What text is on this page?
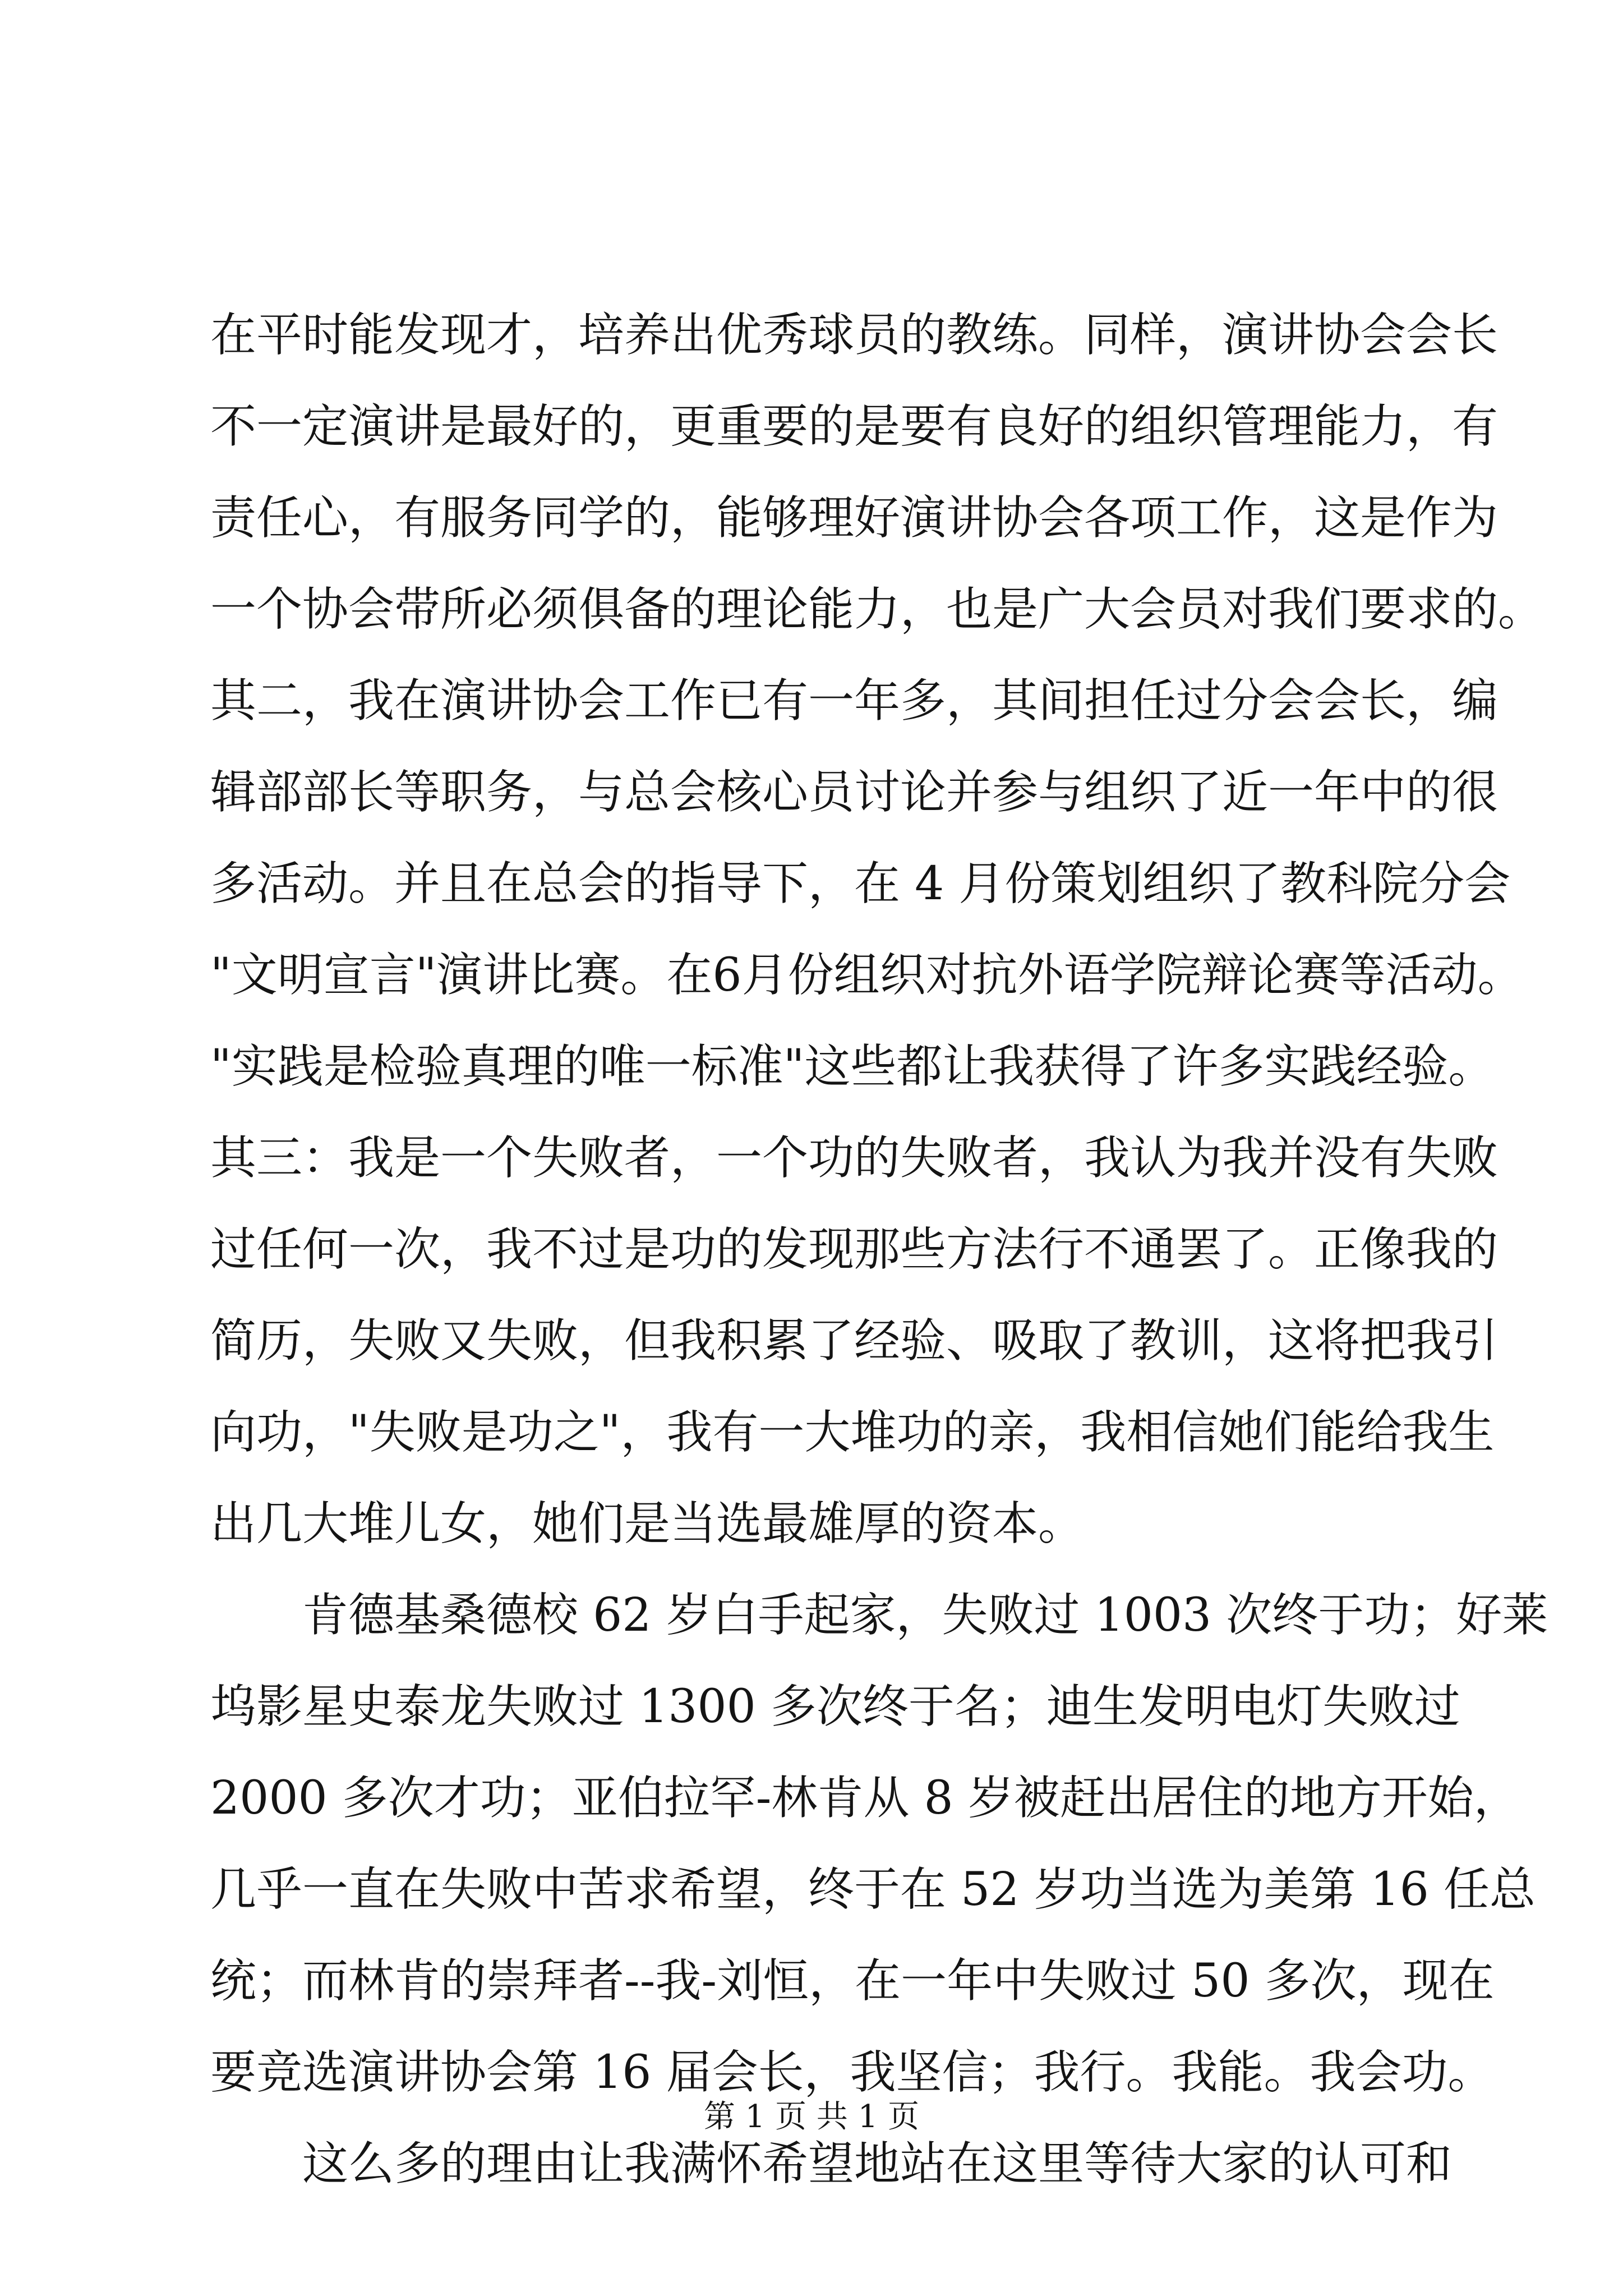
在平时能发现才，培养出优秀球员的教练。同样，演讲协会会长
不一定演讲是最好的，更重要的是要有良好的组织管理能力，有
责任心，有服务同学的，能够理好演讲协会各项工作，这是作为
一个协会带所必须俱备的理论能力，也是广大会员对我们要求的。
其二，我在演讲协会工作已有一年多，其间担任过分会会长，编
辑部部长等职务，与总会核心员讨论并参与组织了近一年中的很
多活动。并且在总会的指导下，在 4 月份策划组织了教科院分会
"文明宣言"演讲比赛。在6月份组织对抗外语学院辩论赛等活动。
"实践是检验真理的唯一标准"这些都让我获得了许多实践经验。
其三：我是一个失败者，一个功的失败者，我认为我并没有失败
过任何一次，我不过是功的发现那些方法行不通罢了。正像我的
简历，失败又失败，但我积累了经验、吸取了教训，这将把我引
向功，"失败是功之"，我有一大堆功的亲，我相信她们能给我生
出几大堆儿女，她们是当选最雄厚的资本。
肯德基桑德校 62 岁白手起家，失败过 1003 次终于功；好莱
坞影星史泰龙失败过 1300 多次终于名；迪生发明电灯失败过
2000 多次才功；亚伯拉罕-林肯从 8 岁被赶出居住的地方开始，
几乎一直在失败中苦求希望，终于在 52 岁功当选为美第 16 任总
统；而林肯的崇拜者--我-刘恒，在一年中失败过 50 多次，现在
要竞选演讲协会第 16 届会长，我坚信；我行。我能。我会功。
这么多的理由让我满怀希望地站在这里等待大家的认可和
第 1 页 共 1 页
